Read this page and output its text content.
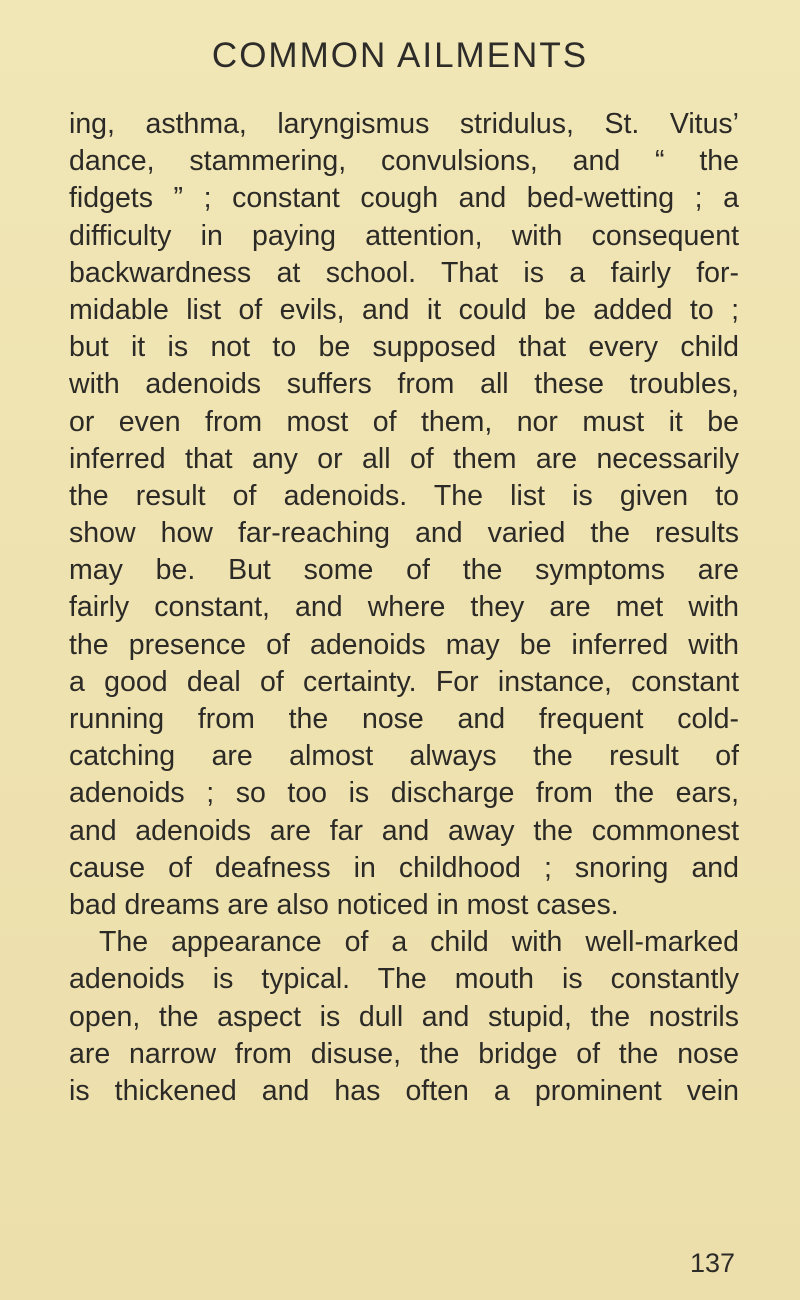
COMMON AILMENTS
ing, asthma, laryngismus stridulus, St. Vitus’
dance, stammering, convulsions, and “ the
fidgets ” ; constant cough and bed-wetting ; a
difficulty in paying attention, with consequent
backwardness at school. That is a fairly for-
midable list of evils, and it could be added to ;
but it is not to be supposed that every child
with adenoids suffers from all these troubles,
or even from most of them, nor must it be
inferred that any or all of them are necessarily
the result of adenoids. The list is given to
show how far-reaching and varied the results
may be. But some of the symptoms are
fairly constant, and where they are met with
the presence of adenoids may be inferred with
a good deal of certainty. For instance, constant
running from the nose and frequent cold-
catching are almost always the result of
adenoids ; so too is discharge from the ears,
and adenoids are far and away the commonest
cause of deafness in childhood ; snoring and
bad dreams are also noticed in most cases.
The appearance of a child with well-marked
adenoids is typical. The mouth is constantly
open, the aspect is dull and stupid, the nostrils
are narrow from disuse, the bridge of the nose
is thickened and has often a prominent vein
137
